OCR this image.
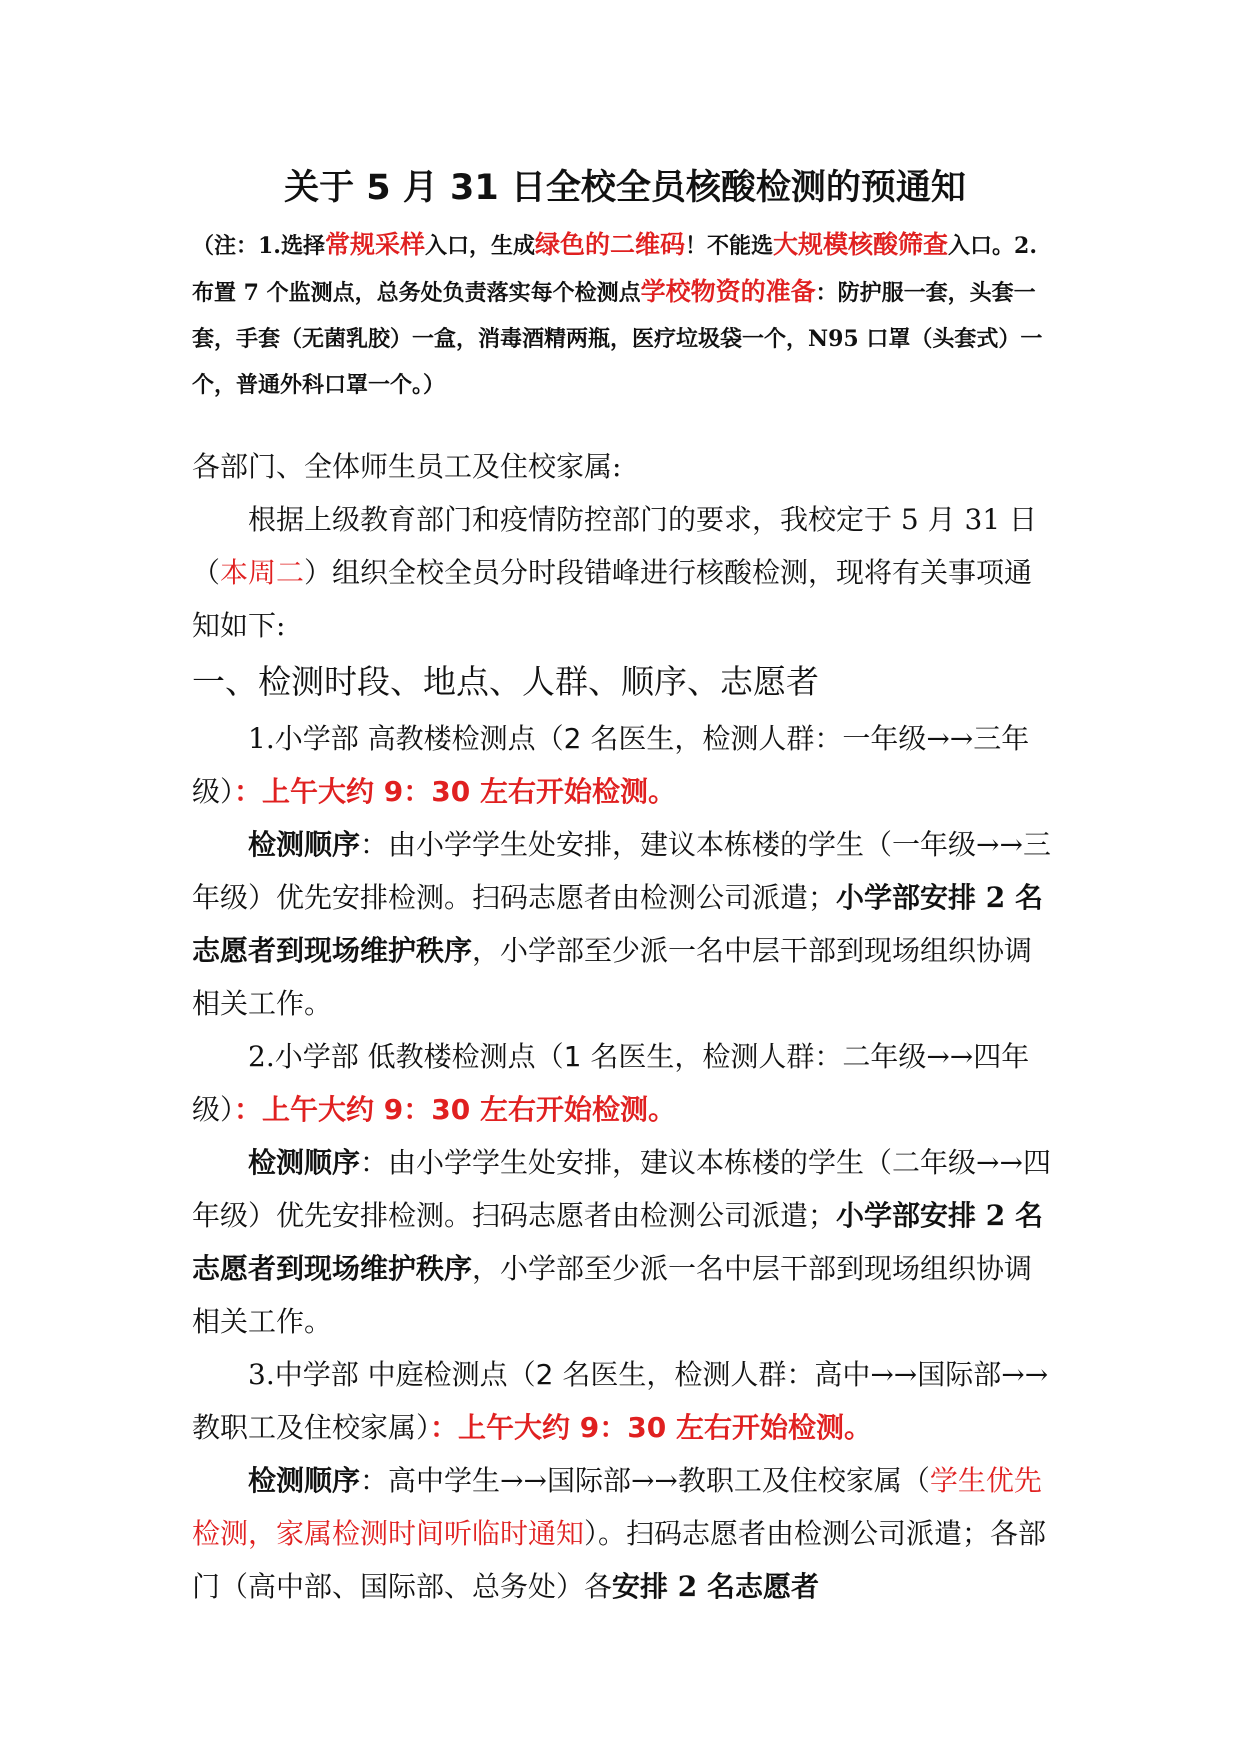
关于 5 月 31 日全校全员核酸检测的预通知

（注：1.选择常规采样入口，生成绿色的二维码！不能选大规模核酸筛查入口。2.布置 7 个监测点，总务处负责落实每个检测点学校物资的准备：防护服一套，头套一套，手套（无菌乳胶）一盒，消毒酒精两瓶，医疗垃圾袋一个，N95 口罩（头套式）一个，普通外科口罩一个。）

各部门、全体师生员工及住校家属:

根据上级教育部门和疫情防控部门的要求，我校定于 5 月 31 日（本周二）组织全校全员分时段错峰进行核酸检测，现将有关事项通知如下:

一、检测时段、地点、人群、顺序、志愿者

1.小学部 高教楼检测点（2 名医生，检测人群：一年级→→三年级）：上午大约 9：30 左右开始检测。

检测顺序：由小学学生处安排，建议本栋楼的学生（一年级→→三年级）优先安排检测。扫码志愿者由检测公司派遣；小学部安排 2 名志愿者到现场维护秩序，小学部至少派一名中层干部到现场组织协调相关工作。

2.小学部 低教楼检测点（1 名医生，检测人群：二年级→→四年级）：上午大约 9：30 左右开始检测。

检测顺序：由小学学生处安排，建议本栋楼的学生（二年级→→四年级）优先安排检测。扫码志愿者由检测公司派遣；小学部安排 2 名志愿者到现场维护秩序，小学部至少派一名中层干部到现场组织协调相关工作。

3.中学部 中庭检测点（2 名医生，检测人群：高中→→国际部→→教职工及住校家属）：上午大约 9：30 左右开始检测。

检测顺序：高中学生→→国际部→→教职工及住校家属（学生优先检测，家属检测时间听临时通知）。扫码志愿者由检测公司派遣；各部门（高中部、国际部、总务处）各安排 2 名志愿者
